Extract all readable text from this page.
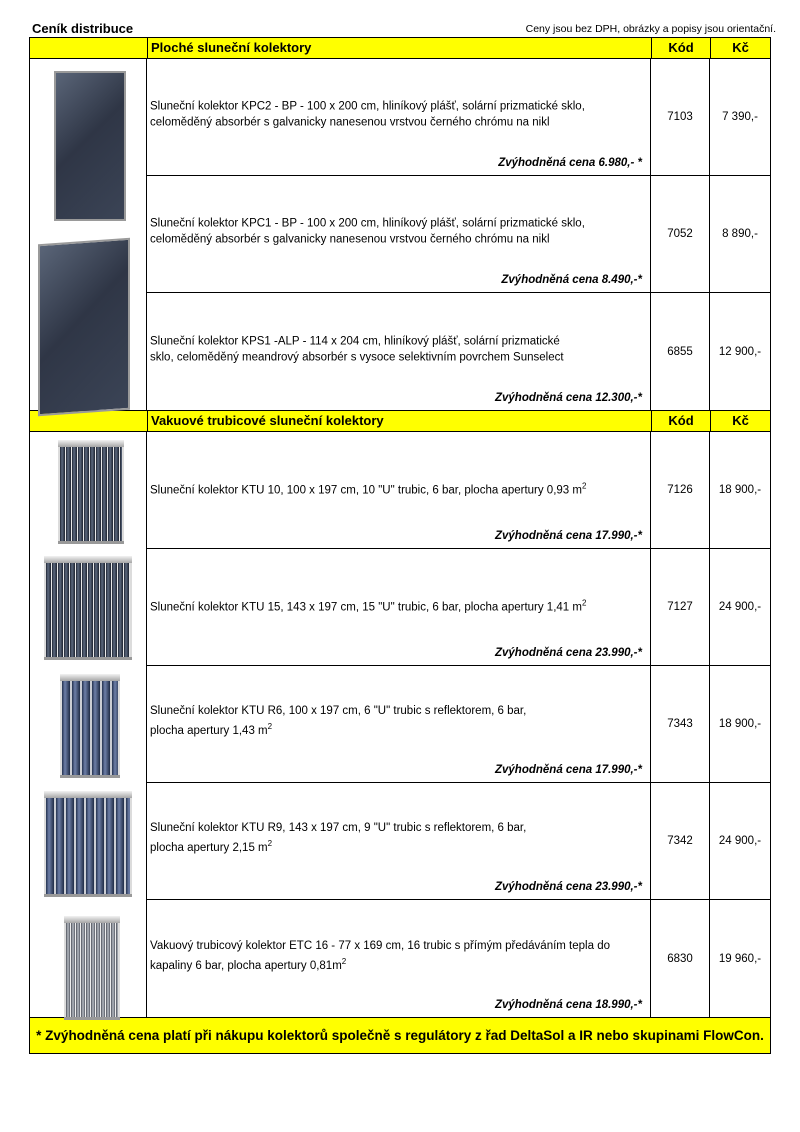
Ceník distribuce	Ceny jsou bez DPH, obrázky a popisy jsou orientační.
Ploché sluneční kolektory	Kód	Kč
Sluneční kolektor KPC2 - BP - 100 x 200 cm, hliníkový plášť, solární prizmatické sklo,
celoměděný absorbér s galvanicky nanesenou vrstvou černého chrómu na nikl
Zvýhodněná cena 6.980,- *
7103	7 390,-
Sluneční kolektor KPC1 - BP - 100 x 200 cm, hliníkový plášť, solární prizmatické sklo,
celoměděný absorbér s galvanicky nanesenou vrstvou černého chrómu na nikl
Zvýhodněná cena 8.490,-*
7052	8 890,-
Sluneční kolektor KPS1 -ALP - 114 x 204 cm, hliníkový plášť, solární prizmatické
sklo, celoměděný meandrový absorbér s vysoce selektivním povrchem Sunselect
Zvýhodněná cena 12.300,-*
6855	12 900,-
Vakuové trubicové sluneční kolektory	Kód	Kč
Sluneční kolektor KTU 10, 100 x 197 cm, 10 "U" trubic, 6 bar, plocha apertury 0,93 $m^2$
Zvýhodněná cena 17.990,-*
7126	18 900,-
Sluneční kolektor KTU 15, 143 x 197 cm, 15 "U" trubic, 6 bar, plocha apertury 1,41 $m^2$
Zvýhodněná cena 23.990,-*
7127	24 900,-
Sluneční kolektor KTU R6, 100 x 197 cm, 6 "U" trubic s reflektorem, 6 bar,
plocha apertury 1,43 $m^2$
Zvýhodněná cena 17.990,-*
7343	18 900,-
Sluneční kolektor KTU R9, 143 x 197 cm, 9 "U" trubic s reflektorem, 6 bar,
plocha apertury 2,15 $m^2$
Zvýhodněná cena 23.990,-*
7342	24 900,-
Vakuový trubicový kolektor ETC 16 - 77 x 169 cm, 16 trubic s přímým předáváním tepla do
kapaliny 6 bar, plocha apertury $0,81m^2$
Zvýhodněná cena 18.990,-*
6830	19 960,-
* Zvýhodněná cena platí při nákupu kolektorů společně s regulátory z řad DeltaSol a IR nebo skupinami FlowCon.
